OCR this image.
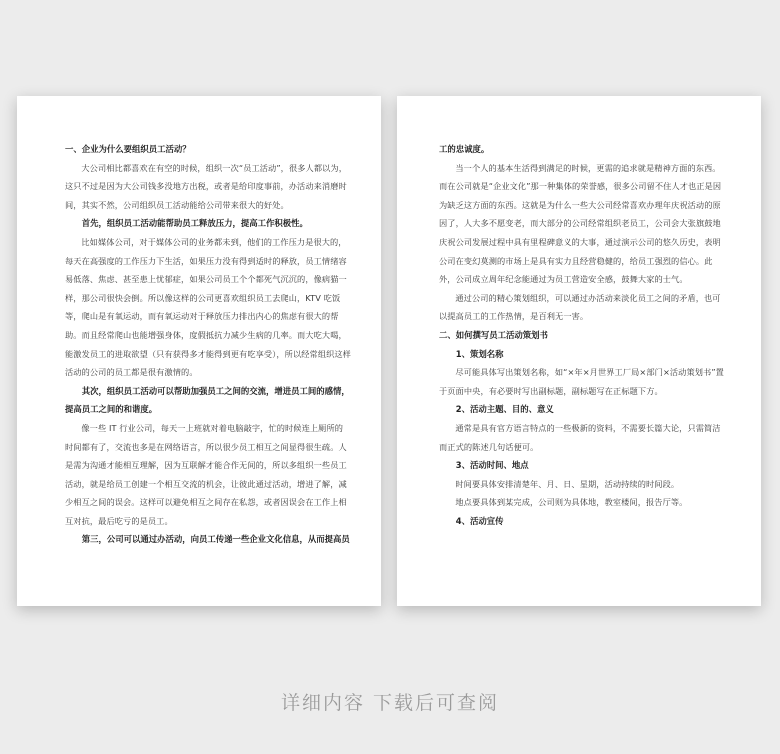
一、企业为什么要组织员工活动？

大公司相比都喜欢在有空的时候，组织一次“员工活动”，很多人都以为，这只不过是因为大公司钱多没地方出税，或者是给印度事前，办活动来消磨时间，其实不然，公司组织员工活动能给公司带来很大的好处。

首先，组织员工活动能帮助员工释放压力，提高工作积极性。

比如媒体公司，对于媒体公司的业务都未到，他们的工作压力是很大的，每天在高强度的工作压力下生活，如果压力没有得到适时的释放，员工情绪容易低落、焦虑、甚至患上忧郁症，如果公司员工个个都死气沉沉的，像病猫一样，那公司很快会倒。所以像这样的公司更喜欢组织员工去爬山，KTV 吃饭等，爬山是有氧运动，而有氧运动对于释放压力排出内心的焦虑有很大的帮助。而且经常爬山也能增强身体，度假抵抗力减少生病的几率。而大吃大喝，能激发员工的进取欲望（只有获得多才能得到更有吃享受），所以经常组织这样活动的公司的员工都是很有激情的。

其次，组织员工活动可以帮助加强员工之间的交流，增进员工间的感情，提高员工之间的和谐度。

像一些 IT 行业公司，每天一上班就对着电脑敲字，忙的时候连上厕所的时间都有了，交流也多是在网络语言，所以很少员工相互之间显得很生疏。人是需为沟通才能相互理解，因为互联解才能合作无间的，所以多组织一些员工活动，就是给员工创建一个相互交流的机会，让彼此通过活动，增进了解，减少相互之间的误会。这样可以避免相互之间存在私怨，或者因误会在工作上相互对抗，最后吃亏的是员工。

第三，公司可以通过办活动，向员工传递一些企业文化信息，从而提高员

工的忠诚度。

当一个人的基本生活得到满足的时候，更需的追求就是精神方面的东西。而在公司就是“企业文化”那一种集体的荣誉感，很多公司留不住人才也正是因为缺乏这方面的东西。这就是为什么一些大公司经常喜欢办理年庆祝活动的原因了，人大多不愿变老，而大部分的公司经常组织老员工，公司会大张旗鼓地庆祝公司发展过程中具有里程碑意义的大事，通过演示公司的悠久历史，表明公司在变幻莫测的市场上是具有实力且经营稳健的，给员工强烈的信心。此外，公司成立周年纪念能通过为员工营造安全感，鼓舞大家的士气。

通过公司的精心策划组织，可以通过办活动来淡化员工之间的矛盾，也可以提高员工的工作热情，是百利无一害。

二、如何撰写员工活动策划书

1、策划名称

尽可能具体写出策划名称，如“×年×月世界工厂局×部门×活动策划书”置于页面中央，有必要时写出副标题，副标题写在正标题下方。

2、活动主题、目的、意义

通常是具有官方语言特点的一些极新的资料，不需要长篇大论，只需简洁而正式的陈述几句话便可。

3、活动时间、地点

时间要具体安排清楚年、月、日、星期，活动持续的时间段。

地点要具体到某完成，公司则为具体地，教室楼间，报告厅等。

4、活动宣传

详细内容 下载后可查阅
